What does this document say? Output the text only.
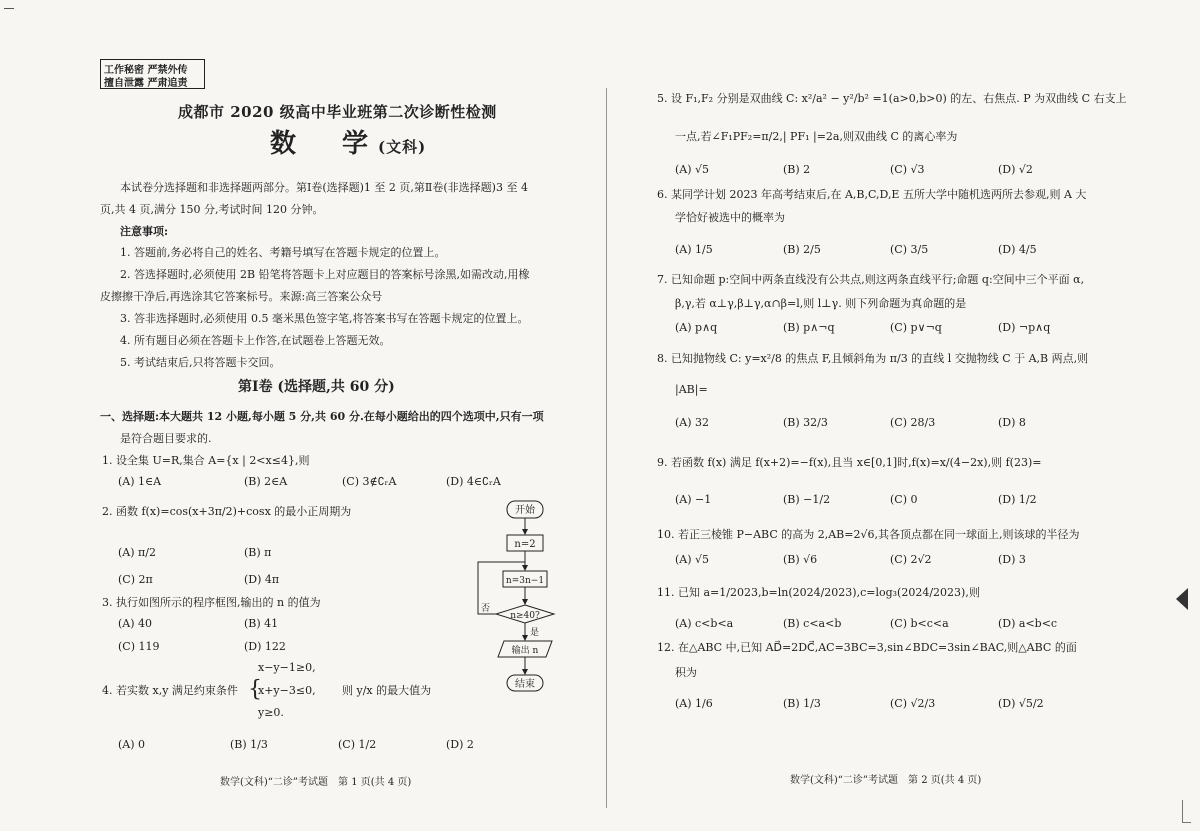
工作秘密 严禁外传
擅自泄露 严肃追责
成都市 2020 级高中毕业班第二次诊断性检测
数　学(文科)
本试卷分选择题和非选择题两部分。第Ⅰ卷(选择题)1 至 2 页,第Ⅱ卷(非选择题)3 至 4
页,共 4 页,满分 150 分,考试时间 120 分钟。
注意事项:
1. 答题前,务必将自己的姓名、考籍号填写在答题卡规定的位置上。
2. 答选择题时,必须使用 2B 铅笔将答题卡上对应题目的答案标号涂黑,如需改动,用橡
皮擦擦干净后,再选涂其它答案标号。来源:高三答案公众号
3. 答非选择题时,必须使用 0.5 毫米黑色签字笔,将答案书写在答题卡规定的位置上。
4. 所有题目必须在答题卡上作答,在试题卷上答题无效。
5. 考试结束后,只将答题卡交回。
第Ⅰ卷 (选择题,共 60 分)
一、选择题:本大题共 12 小题,每小题 5 分,共 60 分.在每小题给出的四个选项中,只有一项
是符合题目要求的.
1. 设全集 U=R,集合 A={x | 2<x≤4},则
(A) 1∈A	(B) 2∈A	(C) 3∉∁ᵣA	(D) 4∈∁ᵣA
2. 函数 f(x)=cos(x+3π/2)+cosx 的最小正周期为
(A) π/2	(B) π
(C) 2π	(D) 4π
3. 执行如图所示的程序框图,输出的 n 的值为
(A) 40	(B) 41
(C) 119	(D) 122
4. 若实数 x,y 满足约束条件 {
x−y−1≥0,
x+y−3≤0,
y≥0.
则 y/x 的最大值为
(A) 0	(B) 1/3	(C) 1/2	(D) 2
数学(文科)“二诊”考试题　第 1 页(共 4 页)
开始
n=2
n=3n−1
n≥40?
否
是
输出 n
结束
5. 设 F₁,F₂ 分别是双曲线 C: x²/a² − y²/b² =1(a>0,b>0) 的左、右焦点. P 为双曲线 C 右支上
一点,若∠F₁PF₂=π/2,| PF₁ |=2a,则双曲线 C 的离心率为
(A) √5	(B) 2	(C) √3	(D) √2
6. 某同学计划 2023 年高考结束后,在 A,B,C,D,E 五所大学中随机选两所去参观,则 A 大
学恰好被选中的概率为
(A) 1/5	(B) 2/5	(C) 3/5	(D) 4/5
7. 已知命题 p:空间中两条直线没有公共点,则这两条直线平行;命题 q:空间中三个平面 α,
β,γ,若 α⊥γ,β⊥γ,α∩β=l,则 l⊥γ. 则下列命题为真命题的是
(A) p∧q	(B) p∧¬q	(C) p∨¬q	(D) ¬p∧q
8. 已知抛物线 C: y=x²/8 的焦点 F,且倾斜角为 π/3 的直线 l 交抛物线 C 于 A,B 两点,则
|AB|=
(A) 32	(B) 32/3	(C) 28/3	(D) 8
9. 若函数 f(x) 满足 f(x+2)=−f(x),且当 x∈[0,1]时,f(x)=x/(4−2x),则 f(23)=
(A) −1	(B) −1/2	(C) 0	(D) 1/2
10. 若正三棱锥 P−ABC 的高为 2,AB=2√6,其各顶点都在同一球面上,则该球的半径为
(A) √5	(B) √6	(C) 2√2	(D) 3
11. 已知 a=1/2023,b=ln(2024/2023),c=log₃(2024/2023),则
(A) c<b<a	(B) c<a<b	(C) b<c<a	(D) a<b<c
12. 在△ABC 中,已知 AD⃗=2DC⃗,AC=3BC=3,sin∠BDC=3sin∠BAC,则△ABC 的面
积为
(A) 1/6	(B) 1/3	(C) √2/3	(D) √5/2
数学(文科)“二诊”考试题　第 2 页(共 4 页)
